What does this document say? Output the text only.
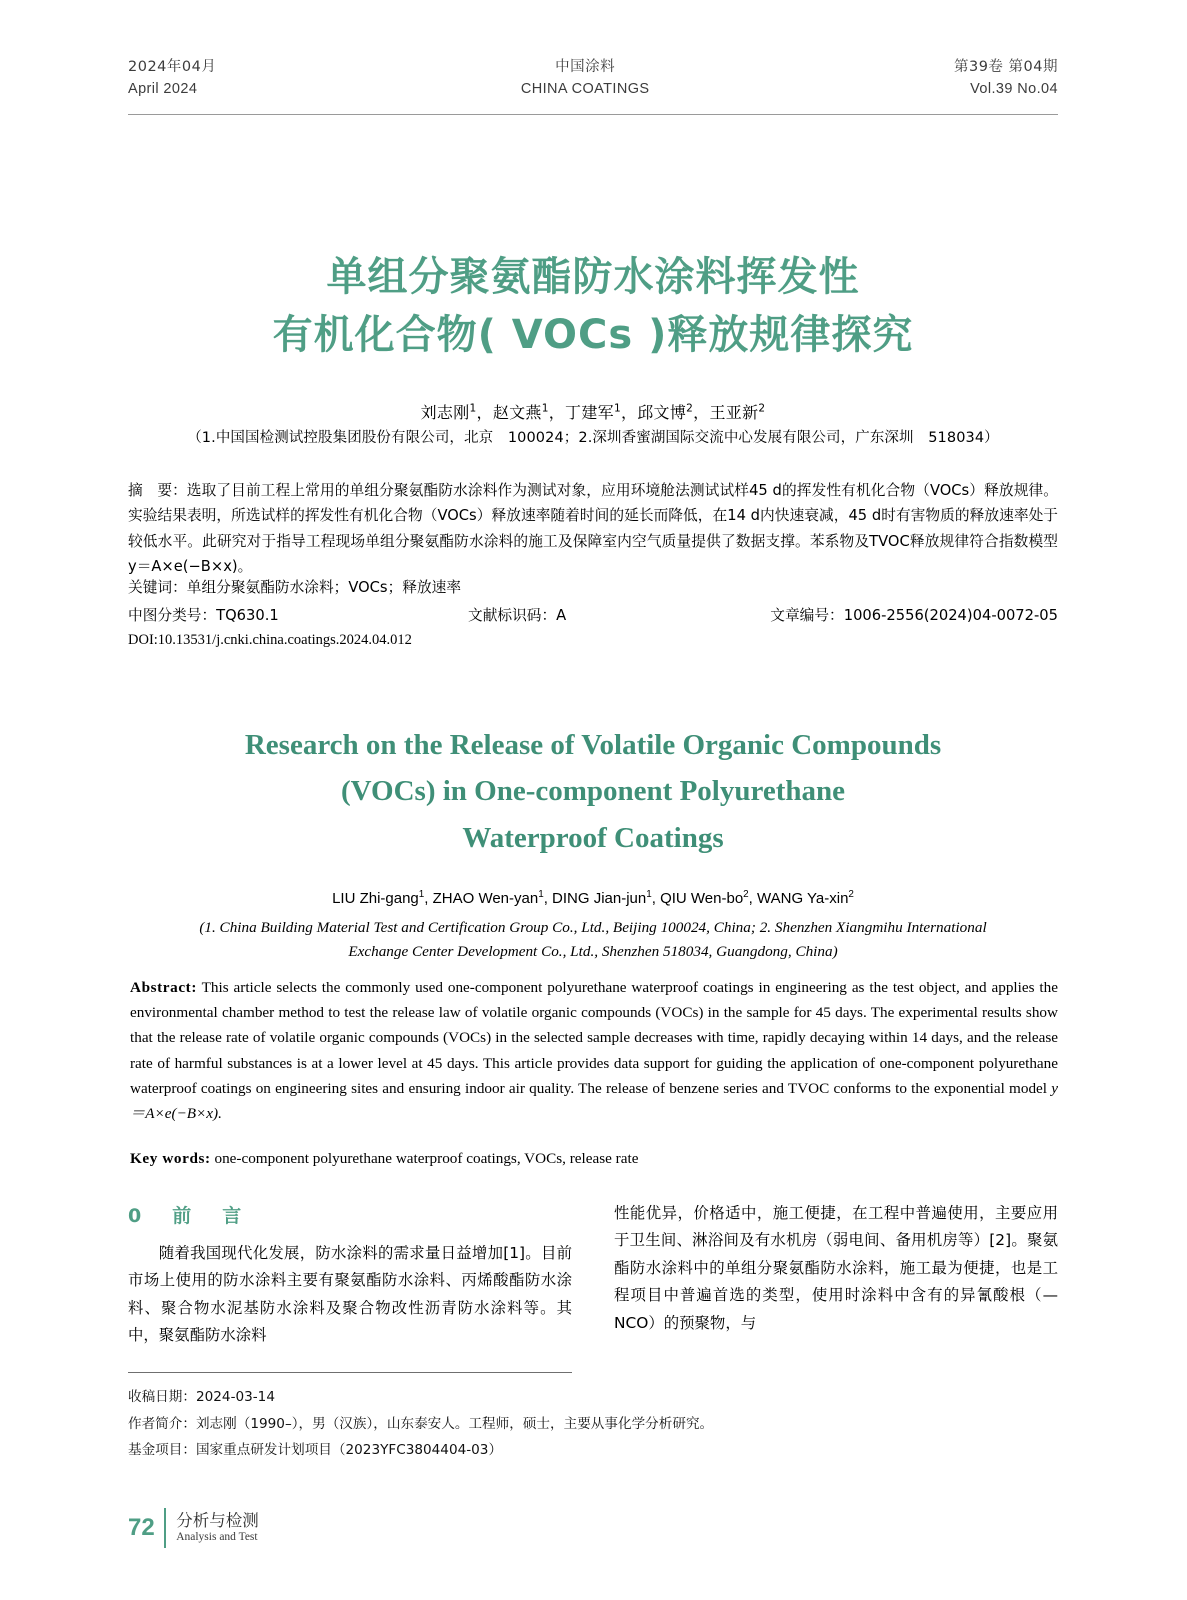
2024年04月
April 2024
中国涂料
CHINA COATINGS
第39卷 第04期
Vol.39 No.04
单组分聚氨酯防水涂料挥发性
有机化合物( VOCs )释放规律探究
刘志刚$^1$，赵文燕$^1$，丁建军$^1$，邱文博$^2$，王亚新$^2$
（1.中国国检测试控股集团股份有限公司，北京　100024；2.深圳香蜜湖国际交流中心发展有限公司，广东深圳　518034）
摘　要： 选取了目前工程上常用的单组分聚氨酯防水涂料作为测试对象，应用环境舱法测试试样45 d的挥发性有机化合物（VOCs）释放规律。实验结果表明，所选试样的挥发性有机化合物（VOCs）释放速率随着时间的延长而降低，在14 d内快速衰减，45 d时有害物质的释放速率处于较低水平。此研究对于指导工程现场单组分聚氨酯防水涂料的施工及保障室内空气质量提供了数据支撑。苯系物及TVOC释放规律符合指数模型y＝A×e(−B×x)。
关键词：单组分聚氨酯防水涂料；VOCs；释放速率
中图分类号：TQ630.1	文献标识码：A	文章编号：1006-2556(2024)04-0072-05
DOI:10.13531/j.cnki.china.coatings.2024.04.012
Research on the Release of Volatile Organic Compounds
(VOCs) in One-component Polyurethane
Waterproof Coatings
LIU Zhi-gang$^1$, ZHAO Wen-yan$^1$, DING Jian-jun$^1$, QIU Wen-$bo^2$, WANG Ya-xin$^2$
(1. China Building Material Test and Certification Group Co., Ltd., Beijing 100024, China; 2. Shenzhen Xiangmihu International
Exchange Center Development Co., Ltd., Shenzhen 518034, Guangdong, China)
Abstract: This article selects the commonly used one-component polyurethane waterproof coatings in engineering as the test object, and applies the environmental chamber method to test the release law of volatile organic compounds (VOCs) in the sample for 45 days. The experimental results show that the release rate of volatile organic compounds (VOCs) in the selected sample decreases with time, rapidly decaying within 14 days, and the release rate of harmful substances is at a lower level at 45 days. This article provides data support for guiding the application of one-component polyurethane waterproof coatings on engineering sites and ensuring indoor air quality. The release of benzene series and TVOC conforms to the exponential model y＝A×e(−B×x).
Key words: one-component polyurethane waterproof coatings, VOCs, release rate
0　前　言
随着我国现代化发展，防水涂料的需求量日益增加[1]。目前市场上使用的防水涂料主要有聚氨酯防水涂料、丙烯酸酯防水涂料、聚合物水泥基防水涂料及聚合物改性沥青防水涂料等。其中，聚氨酯防水涂料
性能优异，价格适中，施工便捷，在工程中普遍使用，主要应用于卫生间、淋浴间及有水机房（弱电间、备用机房等）[2]。聚氨酯防水涂料中的单组分聚氨酯防水涂料，施工最为便捷，也是工程项目中普遍首选的类型，使用时涂料中含有的异氰酸根（—NCO）的预聚物，与
收稿日期：2024-03-14
作者简介：刘志刚（1990–），男（汉族），山东泰安人。工程师，硕士，主要从事化学分析研究。
基金项目：国家重点研发计划项目（2023YFC3804404-03）
72	分析与检测
Analysis and Test
